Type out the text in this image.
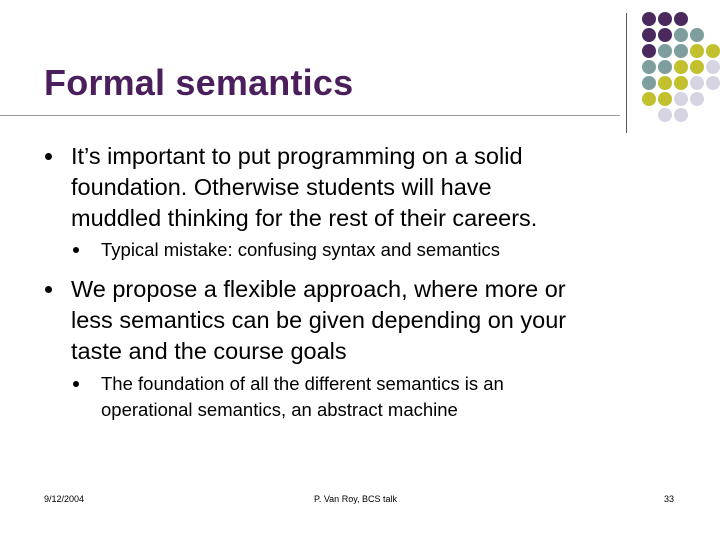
Formal semantics
It’s important to put programming on a solid
foundation. Otherwise students will have
muddled thinking for the rest of their careers.
Typical mistake: confusing syntax and semantics
We propose a flexible approach, where more or
less semantics can be given depending on your
taste and the course goals
The foundation of all the different semantics is an
operational semantics, an abstract machine
9/12/2004	P. Van Roy, BCS talk	33
